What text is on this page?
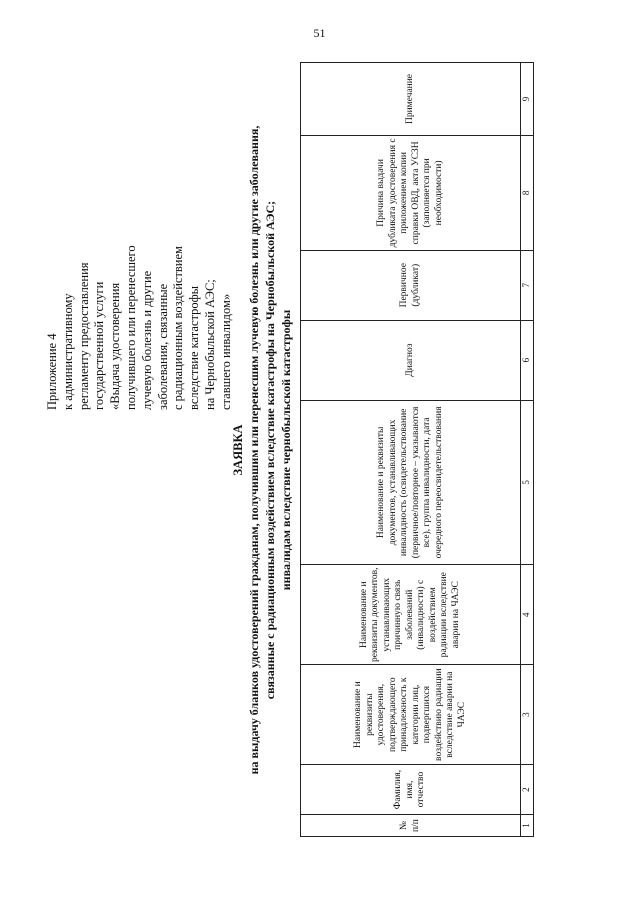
51
Приложение 4 к административному регламенту предоставления государственной услуги «Выдача удостоверения получившего или перенесшего лучевую болезнь и другие заболевания, связанные с радиационным воздействием вследствие катастрофы на Чернобыльской АЭС; ставшего инвалидом»
ЗАЯВКА на выдачу бланков удостоверений гражданам, получившим или перенесшим лучевую болезнь или другие заболевания, связанные с радиационным воздействием вследствие катастрофы на Чернобыльской АЭС; инвалидам вследствие чернобыльской катастрофы
№ п/п	Фамилия, имя, отчество	Наименование и реквизиты удостоверения, подтверждающего принадлежность к категории лиц, подвергшихся воздействию радиации вследствие аварии на ЧАЭС	Наименование и реквизиты документов, устанавливающих причинную связь заболеваний (инвалидности) с воздействием радиации вследствие аварии на ЧАЭС	Наименование и реквизиты документов, устанавливающих инвалидность (освидетельствование (первичное/повторное – указываются все), группа инвалидности, дата очередного переосвидетельствования	Диагноз	Первичное (дубликат)	Причина выдачи дубликата удостоверения с приложением копии справки ОВД, акта УСЗН (заполняется при необходимости)	Примечание
1	2	3	4	5	6	7	8	9
